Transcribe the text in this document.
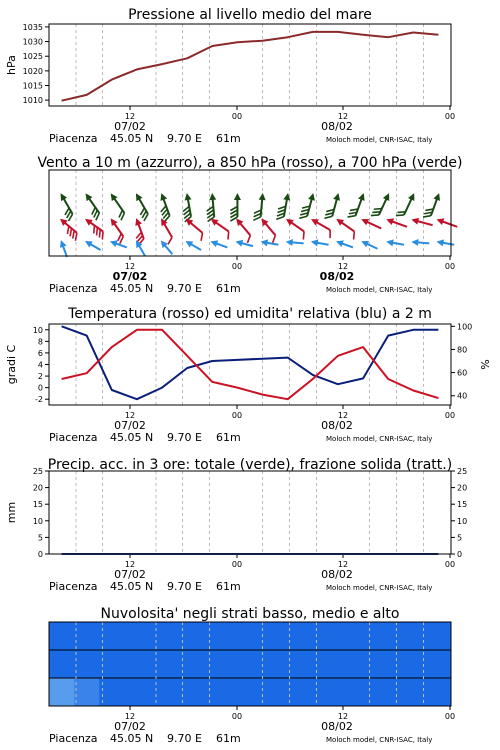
Pressione al livello medio del mare
12	00	12	00
07/02	08/02
1010
1015
1020
1025
1030
1035
hPa
Piacenza 45.05 N 9.70 E 61m	Moloch model, CNR-ISAC, Italy
Vento a 10 m (azzurro), a 850 hPa (rosso), a 700 hPa (verde)
12	00	12	00
07/02	08/02
Piacenza 45.05 N 9.70 E 61m	Moloch model, CNR-ISAC, Italy
Temperatura (rosso) ed umidita' relativa (blu) a 2 m
12	00	12	00
07/02	08/02
-2
0
2
4
6
8
10
40
60
80
100
gradi C	%
Piacenza 45.05 N 9.70 E 61m	Moloch model, CNR-ISAC, Italy
Precip. acc. in 3 ore: totale (verde), frazione solida (tratt.)
12	00	12	00
07/02	08/02
0
5
10
15
20
25
0
5
10
15
20
25
mm
Piacenza 45.05 N 9.70 E 61m	Moloch model, CNR-ISAC, Italy
Nuvolosita' negli strati basso, medio e alto
12	00	12	00
07/02	08/02
Piacenza 45.05 N 9.70 E 61m	Moloch model, CNR-ISAC, Italy
